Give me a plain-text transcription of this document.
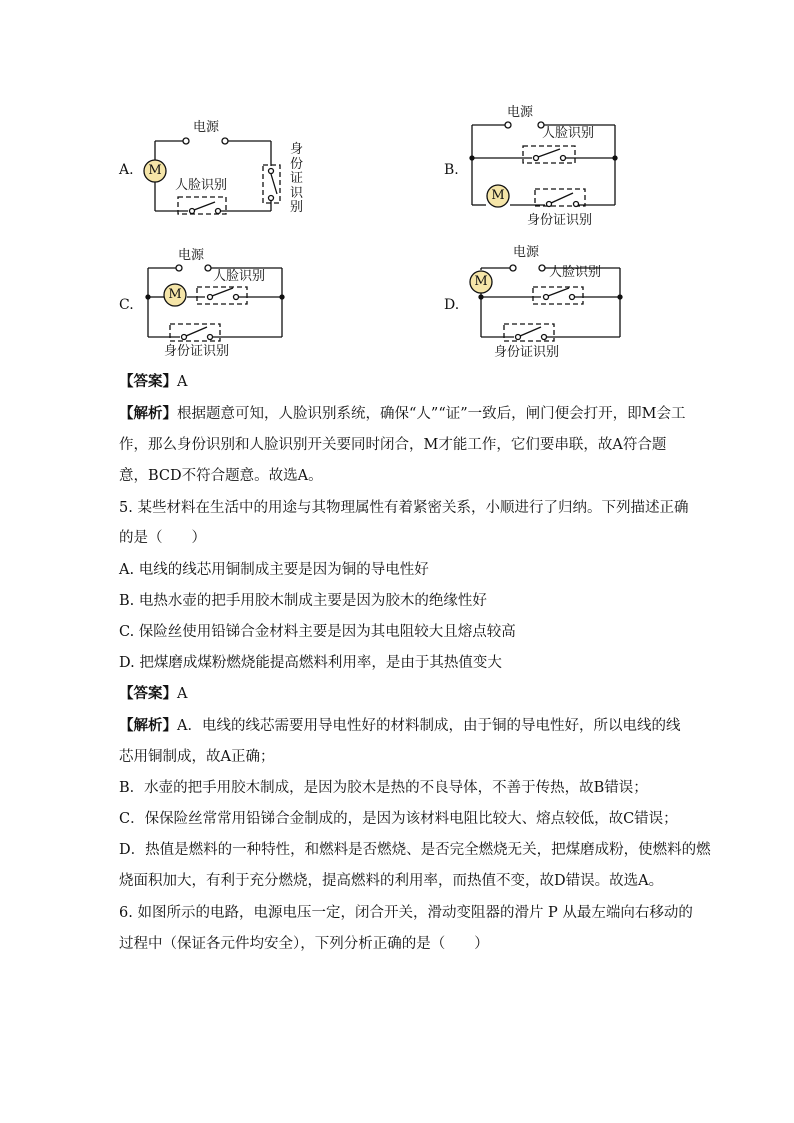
A.	M
电源
人脸识别
身份证识别
B.
M
电源
人脸识别
身份证识别
C.
M
电源
人脸识别
身份证识别
D.
M
电源
人脸识别
身份证识别
【答案】A
【解析】根据题意可知，人脸识别系统，确保“人”“证”一致后，闸门便会打开，即M会工
作，那么身份识别和人脸识别开关要同时闭合，M才能工作，它们要串联，故A符合题
意，BCD不符合题意。故选A。
5. 某些材料在生活中的用途与其物理属性有着紧密关系，小顺进行了归纳。下列描述正确
的是（　　）
A. 电线的线芯用铜制成主要是因为铜的导电性好
B. 电热水壶的把手用胶木制成主要是因为胶木的绝缘性好
C. 保险丝使用铅锑合金材料主要是因为其电阻较大且熔点较高
D. 把煤磨成煤粉燃烧能提高燃料利用率，是由于其热值变大
【答案】A
【解析】A．电线的线芯需要用导电性好的材料制成，由于铜的导电性好，所以电线的线
芯用铜制成，故A正确；
B．水壶的把手用胶木制成，是因为胶木是热的不良导体，不善于传热，故B错误；
C．保保险丝常常用铅锑合金制成的，是因为该材料电阻比较大、熔点较低，故C错误；
D．热值是燃料的一种特性，和燃料是否燃烧、是否完全燃烧无关，把煤磨成粉，使燃料的燃
烧面积加大，有利于充分燃烧，提高燃料的利用率，而热值不变，故D错误。故选A。
6. 如图所示的电路，电源电压一定，闭合开关，滑动变阻器的滑片 P 从最左端向右移动的
过程中（保证各元件均安全），下列分析正确的是（　　）
